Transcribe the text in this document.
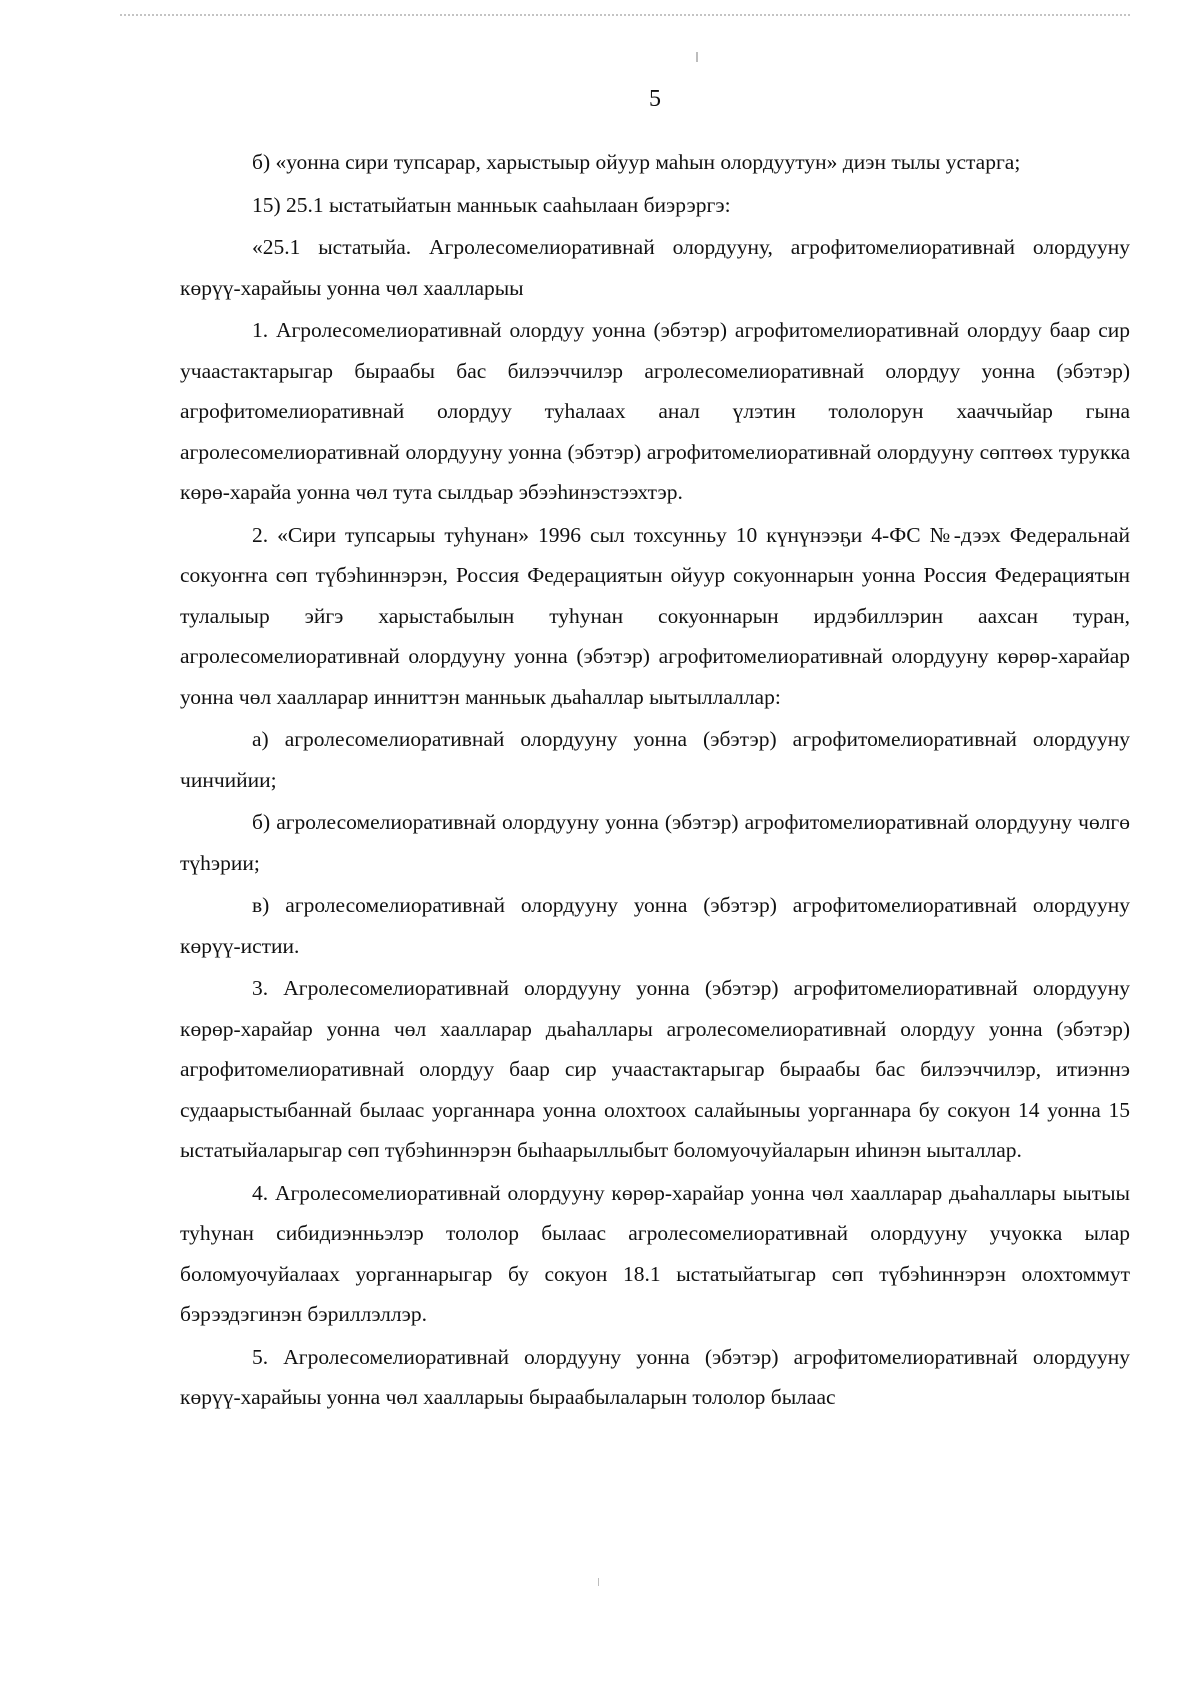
5

б) «уонна сири тупсарар, харыстыыр ойуур маһын олордуутун» диэн тылы устарга;

15) 25.1 ыстатыйатын манньык сааһылаан биэрэргэ:

«25.1 ыстатыйа. Агролесомелиоративнай олордууну, агрофитомелиоративнай олордууну көрүү-харайыы уонна чөл хаалларыы

1. Агролесомелиоративнай олордуу уонна (эбэтэр) агрофитомелиоративнай олордуу баар сир учаастактарыгар быраабы бас билээччилэр агролесомелиоративнай олордуу уонна (эбэтэр) агрофитомелиоративнай олордуу туһалаах анал үлэтин тололорун хааччыйар гына агролесомелиоративнай олордууну уонна (эбэтэр) агрофитомелиоративнай олордууну сөптөөх турукка көрө-харайа уонна чөл тута сылдьар эбээһинэстээхтэр.

2. «Сири тупсарыы туһунан» 1996 сыл тохсунньу 10 күнүнээҕи 4-ФС №-дээх Федеральнай сокуоҥҥа сөп түбэһиннэрэн, Россия Федерациятын ойуур сокуоннарын уонна Россия Федерациятын тулалыыр эйгэ харыстабылын туһунан сокуоннарын ирдэбиллэрин аахсан туран, агролесомелиоративнай олордууну уонна (эбэтэр) агрофитомелиоративнай олордууну көрөр-харайар уонна чөл хаалларар инниттэн манньык дьаһаллар ыытыллаллар:

а) агролесомелиоративнай олордууну уонна (эбэтэр) агрофитомелиоративнай олордууну чинчийии;

б) агролесомелиоративнай олордууну уонна (эбэтэр) агрофитомелиоративнай олордууну чөлгө түһэрии;

в) агролесомелиоративнай олордууну уонна (эбэтэр) агрофитомелиоративнай олордууну көрүү-истии.

3. Агролесомелиоративнай олордууну уонна (эбэтэр) агрофитомелиоративнай олордууну көрөр-харайар уонна чөл хаалларар дьаһаллары агролесомелиоративнай олордуу уонна (эбэтэр) агрофитомелиоративнай олордуу баар сир учаастактарыгар быраабы бас билээччилэр, итиэннэ судаарыстыбаннай былаас уорганнара уонна олохтоох салайыныы уорганнара бу сокуон 14 уонна 15 ыстатыйаларыгар сөп түбэһиннэрэн быһаарыллыбыт боломуочуйаларын иһинэн ыыталлар.

4. Агролесомелиоративнай олордууну көрөр-харайар уонна чөл хаалларар дьаһаллары ыытыы туһунан сибидиэнньэлэр тололор былаас агролесомелиоративнай олордууну учуокка ылар боломуочуйалаах уорганнарыгар бу сокуон 18.1 ыстатыйатыгар сөп түбэһиннэрэн олохтоммут бэрээдэгинэн бэриллэллэр.

5. Агролесомелиоративнай олордууну уонна (эбэтэр) агрофитомелиоративнай олордууну көрүү-харайыы уонна чөл хаалларыы быраабылаларын тололор былаас
